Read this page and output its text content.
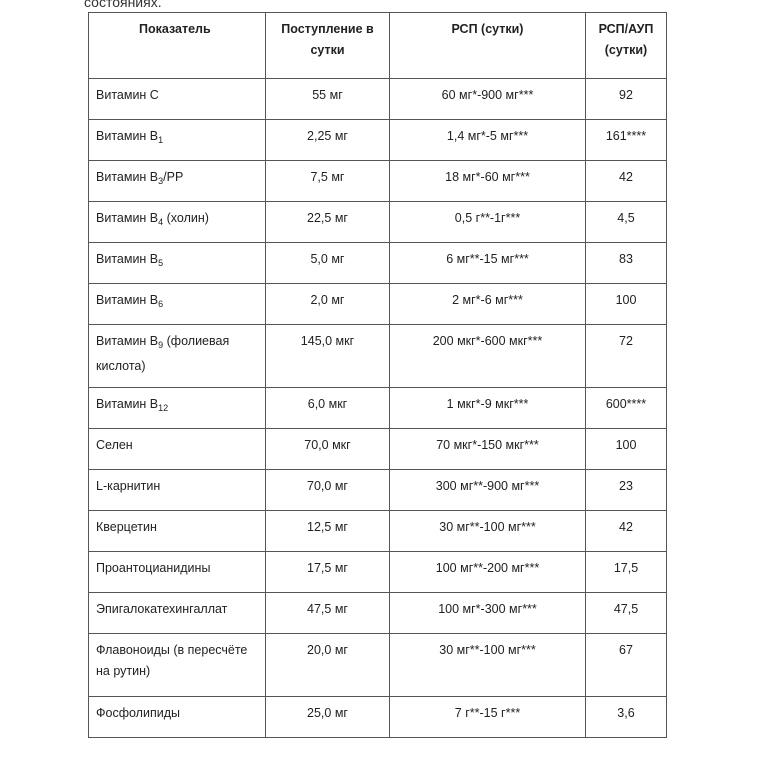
состояниях.
Показатель	Поступление в сутки	РСП (сутки)	РСП/АУП (сутки)
Витамин C	55 мг	60 мг*-900 мг***	92
Витамин $B_1$	2,25 мг	1,4 мг*-5 мг***	161****
Витамин $B_3/PP$	7,5 мг	18 мг*-60 мг***	42
Витамин $B_4$ (холин)	22,5 мг	0,5 г**-1г***	4,5
Витамин $B_5$	5,0 мг	6 мг**-15 мг***	83
Витамин $B_6$	2,0 мг	2 мг*-6 мг***	100
Витамин $B_9$ (фолиевая кислота)	145,0 мкг	200 мкг*-600 мкг***	72
Витамин $B_{12}$	6,0 мкг	1 мкг*-9 мкг***	600****
Селен	70,0 мкг	70 мкг*-150 мкг***	100
L-карнитин	70,0 мг	300 мг**-900 мг***	23
Кверцетин	12,5 мг	30 мг**-100 мг***	42
Проантоцианидины	17,5 мг	100 мг**-200 мг***	17,5
Эпигалокатехингаллат	47,5 мг	100 мг*-300 мг***	47,5
Флавоноиды (в пересчёте на рутин)	20,0 мг	30 мг**-100 мг***	67
Фосфолипиды	25,0 мг	7 г**-15 г***	3,6
